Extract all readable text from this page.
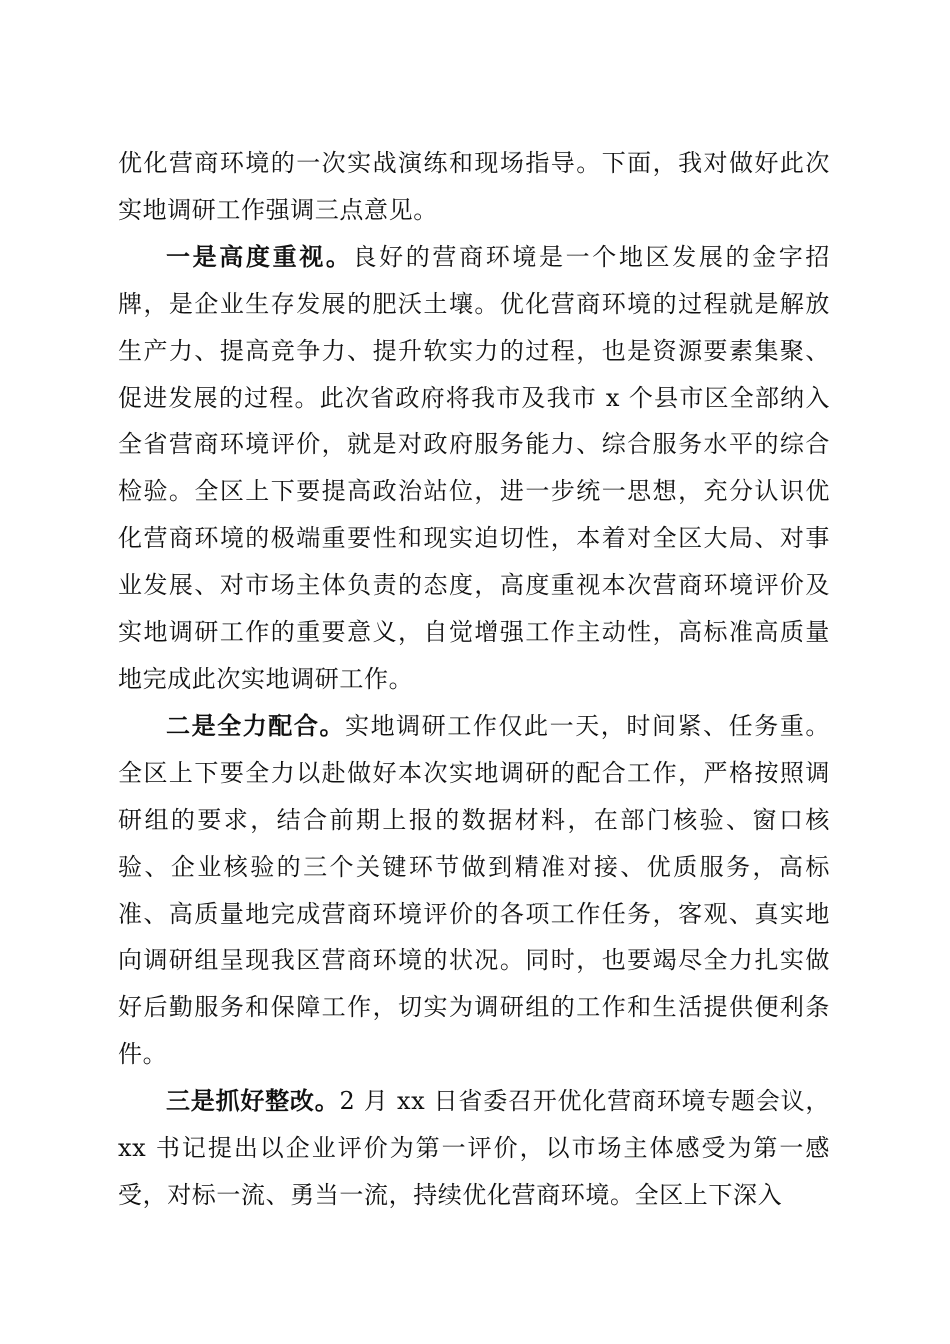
优化营商环境的一次实战演练和现场指导。下面，我对做好此次实地调研工作强调三点意见。

一是高度重视。良好的营商环境是一个地区发展的金字招牌，是企业生存发展的肥沃土壤。优化营商环境的过程就是解放生产力、提高竞争力、提升软实力的过程，也是资源要素集聚、促进发展的过程。此次省政府将我市及我市 x 个县市区全部纳入全省营商环境评价，就是对政府服务能力、综合服务水平的综合检验。全区上下要提高政治站位，进一步统一思想，充分认识优化营商环境的极端重要性和现实迫切性，本着对全区大局、对事业发展、对市场主体负责的态度，高度重视本次营商环境评价及实地调研工作的重要意义，自觉增强工作主动性，高标准高质量地完成此次实地调研工作。

二是全力配合。实地调研工作仅此一天，时间紧、任务重。全区上下要全力以赴做好本次实地调研的配合工作，严格按照调研组的要求，结合前期上报的数据材料，在部门核验、窗口核验、企业核验的三个关键环节做到精准对接、优质服务，高标准、高质量地完成营商环境评价的各项工作任务，客观、真实地向调研组呈现我区营商环境的状况。同时，也要竭尽全力扎实做好后勤服务和保障工作，切实为调研组的工作和生活提供便利条件。

三是抓好整改。2 月 xx 日省委召开优化营商环境专题会议，xx 书记提出以企业评价为第一评价，以市场主体感受为第一感受，对标一流、勇当一流，持续优化营商环境。全区上下深入
